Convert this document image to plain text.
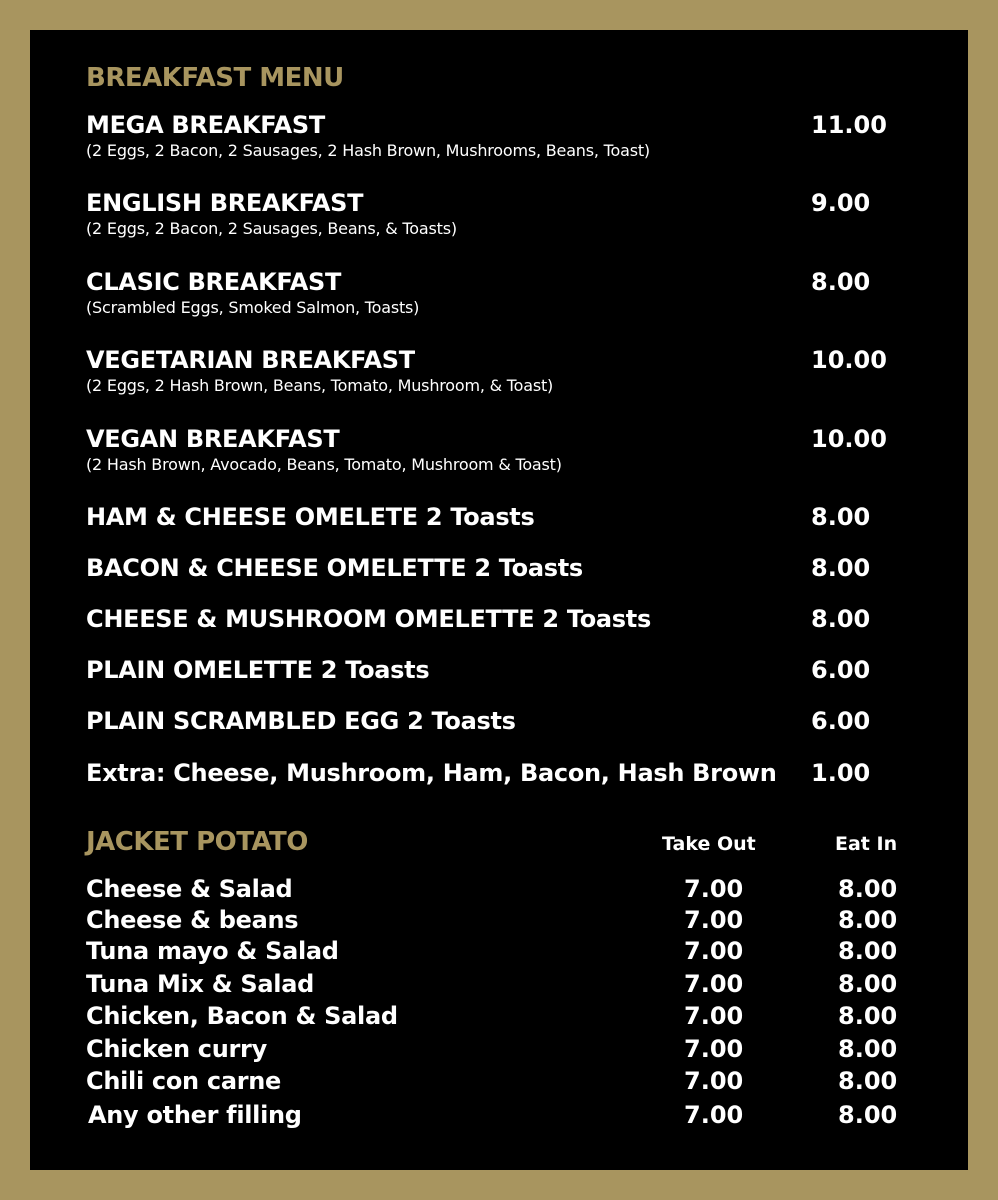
BREAKFAST MENU
MEGA BREAKFAST
(2 Eggs, 2 Bacon, 2 Sausages, 2 Hash Brown, Mushrooms, Beans, Toast)
11.00
ENGLISH BREAKFAST
(2 Eggs, 2 Bacon, 2 Sausages, Beans, & Toasts)
9.00
CLASIC BREAKFAST
(Scrambled Eggs, Smoked Salmon, Toasts)
8.00
VEGETARIAN BREAKFAST
(2 Eggs, 2 Hash Brown, Beans, Tomato, Mushroom, & Toast)
10.00
VEGAN BREAKFAST
(2 Hash Brown, Avocado, Beans, Tomato, Mushroom & Toast)
10.00
HAM & CHEESE OMELETE 2 Toasts	8.00
BACON & CHEESE OMELETTE 2 Toasts	8.00
CHEESE & MUSHROOM OMELETTE 2 Toasts	8.00
PLAIN OMELETTE 2 Toasts	6.00
PLAIN SCRAMBLED EGG 2 Toasts	6.00
Extra: Cheese, Mushroom, Ham, Bacon, Hash Brown	1.00
JACKET POTATO	Take Out	Eat In
Cheese & Salad	7.00	8.00
Cheese & beans	7.00	8.00
Tuna mayo & Salad	7.00	8.00
Tuna Mix & Salad	7.00	8.00
Chicken, Bacon & Salad	7.00	8.00
Chicken curry	7.00	8.00
Chili con carne	7.00	8.00
Any other filling	7.00	8.00
